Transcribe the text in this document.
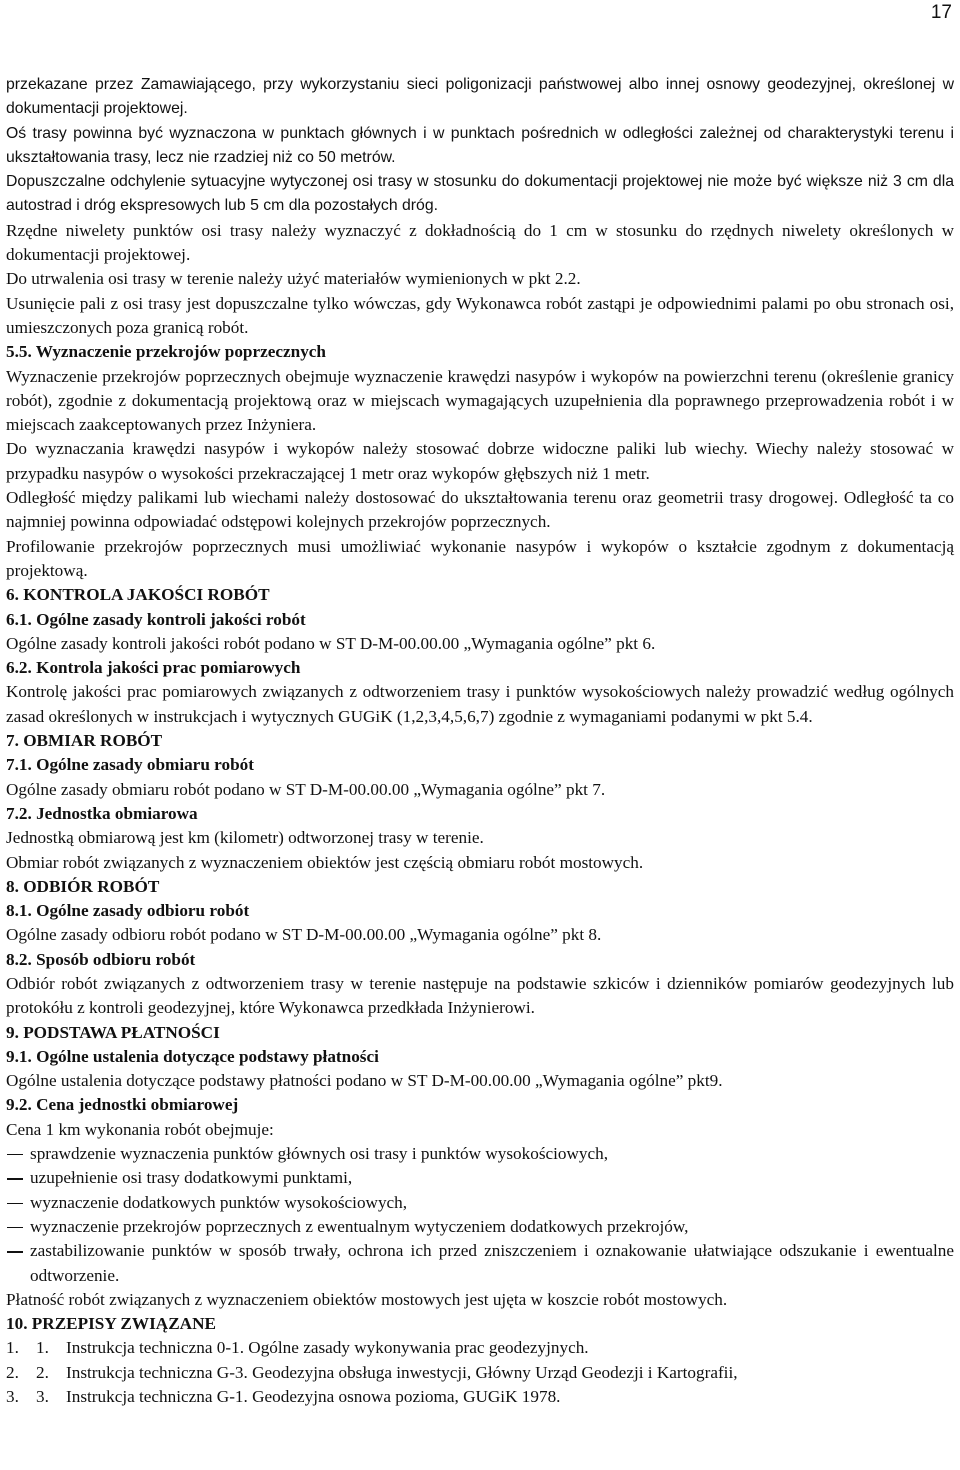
17

przekazane przez Zamawiającego, przy wykorzystaniu sieci poligonizacji państwowej albo innej osnowy geodezyjnej, określonej w dokumentacji projektowej.

Oś trasy powinna być wyznaczona w punktach głównych i w punktach pośrednich w odległości zależnej od charakterystyki terenu i ukształtowania trasy, lecz nie rzadziej niż co 50 metrów.

Dopuszczalne odchylenie sytuacyjne wytyczonej osi trasy w stosunku do dokumentacji projektowej nie może być większe niż 3 cm dla autostrad i dróg ekspresowych lub 5 cm dla pozostałych dróg.

Rzędne niwelety punktów osi trasy należy wyznaczyć z dokładnością do 1 cm w stosunku do rzędnych niwelety określonych w dokumentacji projektowej.

Do utrwalenia osi trasy w terenie należy użyć materiałów wymienionych w pkt 2.2.

Usunięcie pali z osi trasy jest dopuszczalne tylko wówczas, gdy Wykonawca robót zastąpi je odpowiednimi palami po obu stronach osi, umieszczonych poza granicą robót.

5.5. Wyznaczenie przekrojów poprzecznych

Wyznaczenie przekrojów poprzecznych obejmuje wyznaczenie krawędzi nasypów i wykopów na powierzchni terenu (określenie granicy robót), zgodnie z dokumentacją projektową oraz w miejscach wymagających uzupełnienia dla poprawnego przeprowadzenia robót i w miejscach zaakceptowanych przez Inżyniera.

Do wyznaczania krawędzi nasypów i wykopów należy stosować dobrze widoczne paliki lub wiechy. Wiechy należy stosować w przypadku nasypów o wysokości przekraczającej 1 metr oraz wykopów głębszych niż 1 metr.

Odległość między palikami lub wiechami należy dostosować do ukształtowania terenu oraz geometrii trasy drogowej. Odległość ta co najmniej powinna odpowiadać odstępowi kolejnych przekrojów poprzecznych.

Profilowanie przekrojów poprzecznych musi umożliwiać wykonanie nasypów i wykopów o kształcie zgodnym z dokumentacją projektową.

6. KONTROLA JAKOŚCI ROBÓT

6.1. Ogólne zasady kontroli jakości robót

Ogólne zasady kontroli jakości robót podano w ST D-M-00.00.00 „Wymagania ogólne” pkt 6.

6.2. Kontrola jakości prac pomiarowych

Kontrolę jakości prac pomiarowych związanych z odtworzeniem trasy i punktów wysokościowych należy prowadzić według ogólnych zasad określonych w instrukcjach i wytycznych GUGiK (1,2,3,4,5,6,7) zgodnie z wymaganiami podanymi w pkt 5.4.

7. OBMIAR ROBÓT

7.1. Ogólne zasady obmiaru robót

Ogólne zasady obmiaru robót podano w ST D-M-00.00.00 „Wymagania ogólne” pkt 7.

7.2. Jednostka obmiarowa

Jednostką obmiarową jest km (kilometr) odtworzonej trasy w terenie.

Obmiar robót związanych z wyznaczeniem obiektów jest częścią obmiaru robót mostowych.

8. ODBIÓR ROBÓT

8.1. Ogólne zasady odbioru robót

Ogólne zasady odbioru robót podano w ST D-M-00.00.00 „Wymagania ogólne” pkt 8.

8.2. Sposób odbioru robót

Odbiór robót związanych z odtworzeniem trasy w terenie następuje na podstawie szkiców i dzienników pomiarów geodezyjnych lub protokółu z kontroli geodezyjnej, które Wykonawca przedkłada Inżynierowi.

9. PODSTAWA PŁATNOŚCI

9.1. Ogólne ustalenia dotyczące podstawy płatności

Ogólne ustalenia dotyczące podstawy płatności podano w ST D-M-00.00.00 „Wymagania ogólne” pkt9.

9.2. Cena jednostki obmiarowej

Cena 1 km wykonania robót obejmuje:

sprawdzenie wyznaczenia punktów głównych osi trasy i punktów wysokościowych,

uzupełnienie osi trasy dodatkowymi punktami,

wyznaczenie dodatkowych punktów wysokościowych,

wyznaczenie przekrojów poprzecznych z ewentualnym wytyczeniem dodatkowych przekrojów,

zastabilizowanie punktów w sposób trwały, ochrona ich przed zniszczeniem i oznakowanie ułatwiające odszukanie i ewentualne odtworzenie.

Płatność robót związanych z wyznaczeniem obiektów mostowych jest ujęta w koszcie robót mostowych.

10. PRZEPISY ZWIĄZANE

1. 1. Instrukcja techniczna 0-1. Ogólne zasady wykonywania prac geodezyjnych.

2. 2. Instrukcja techniczna G-3. Geodezyjna obsługa inwestycji, Główny Urząd Geodezji i Kartografii,

3. 3. Instrukcja techniczna G-1. Geodezyjna osnowa pozioma, GUGiK 1978.
